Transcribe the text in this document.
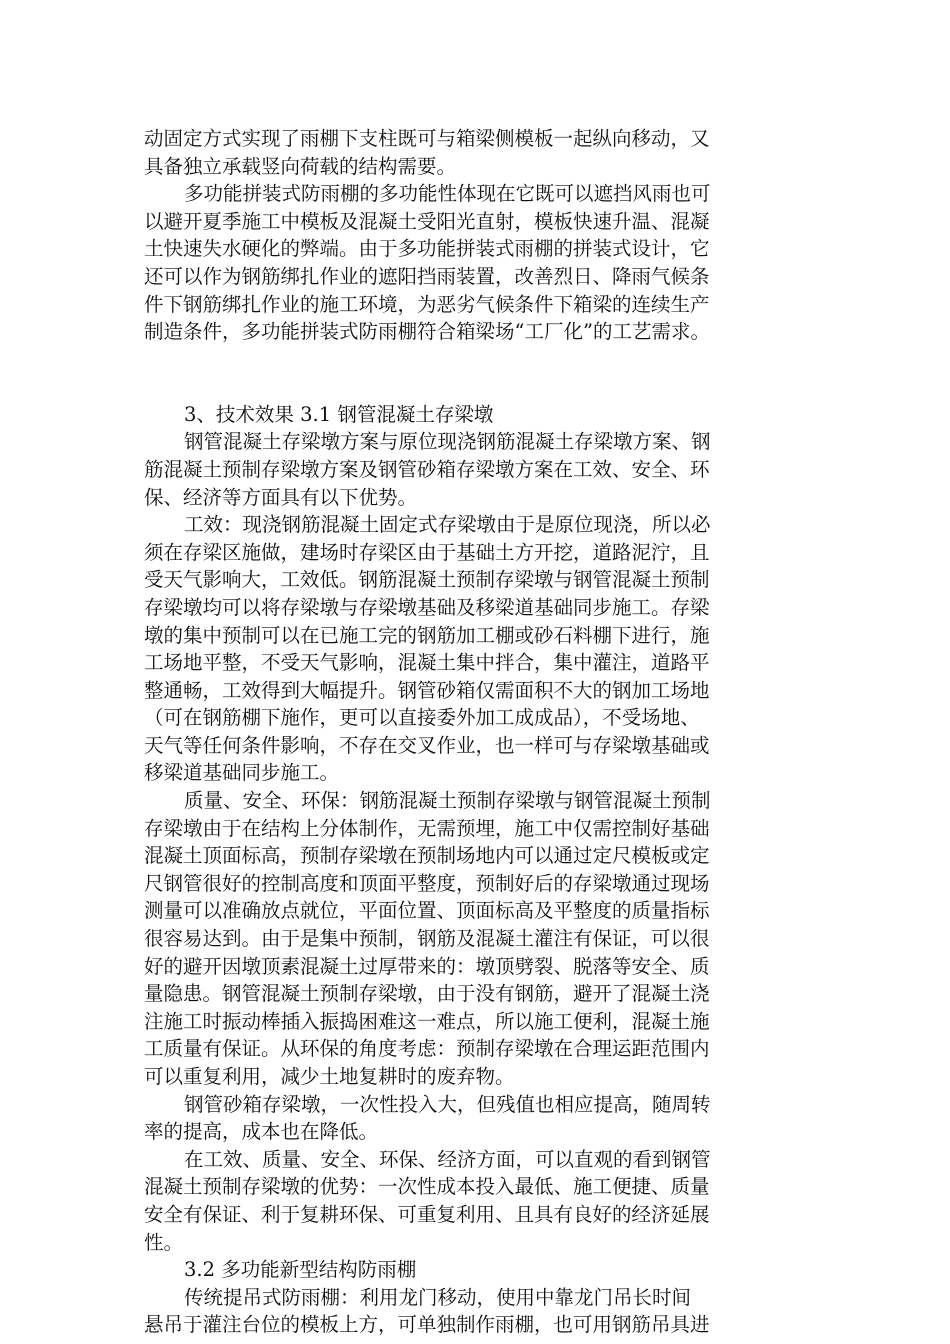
动固定方式实现了雨棚下支柱既可与箱梁侧模板一起纵向移动，又
具备独立承载竖向荷载的结构需要。
多功能拼装式防雨棚的多功能性体现在它既可以遮挡风雨也可
以避开夏季施工中模板及混凝土受阳光直射，模板快速升温、混凝
土快速失水硬化的弊端。由于多功能拼装式雨棚的拼装式设计，它
还可以作为钢筋绑扎作业的遮阳挡雨装置，改善烈日、降雨气候条
件下钢筋绑扎作业的施工环境，为恶劣气候条件下箱梁的连续生产
制造条件，多功能拼装式防雨棚符合箱梁场“工厂化”的工艺需求。
3、技术效果 3.1 钢管混凝土存梁墩
钢管混凝土存梁墩方案与原位现浇钢筋混凝土存梁墩方案、钢
筋混凝土预制存梁墩方案及钢管砂箱存梁墩方案在工效、安全、环
保、经济等方面具有以下优势。
工效：现浇钢筋混凝土固定式存梁墩由于是原位现浇，所以必
须在存梁区施做，建场时存梁区由于基础土方开挖，道路泥泞，且
受天气影响大，工效低。钢筋混凝土预制存梁墩与钢管混凝土预制
存梁墩均可以将存梁墩与存梁墩基础及移梁道基础同步施工。存梁
墩的集中预制可以在已施工完的钢筋加工棚或砂石料棚下进行，施
工场地平整，不受天气影响，混凝土集中拌合，集中灌注，道路平
整通畅，工效得到大幅提升。钢管砂箱仅需面积不大的钢加工场地
（可在钢筋棚下施作，更可以直接委外加工成成品），不受场地、
天气等任何条件影响，不存在交叉作业，也一样可与存梁墩基础或
移梁道基础同步施工。
质量、安全、环保：钢筋混凝土预制存梁墩与钢管混凝土预制
存梁墩由于在结构上分体制作，无需预埋，施工中仅需控制好基础
混凝土顶面标高，预制存梁墩在预制场地内可以通过定尺模板或定
尺钢管很好的控制高度和顶面平整度，预制好后的存梁墩通过现场
测量可以准确放点就位，平面位置、顶面标高及平整度的质量指标
很容易达到。由于是集中预制，钢筋及混凝土灌注有保证，可以很
好的避开因墩顶素混凝土过厚带来的：墩顶劈裂、脱落等安全、质
量隐患。钢管混凝土预制存梁墩，由于没有钢筋，避开了混凝土浇
注施工时振动棒插入振捣困难这一难点，所以施工便利，混凝土施
工质量有保证。从环保的角度考虑：预制存梁墩在合理运距范围内
可以重复利用，减少土地复耕时的废弃物。
钢管砂箱存梁墩，一次性投入大，但残值也相应提高，随周转
率的提高，成本也在降低。
在工效、质量、安全、环保、经济方面，可以直观的看到钢管
混凝土预制存梁墩的优势：一次性成本投入最低、施工便捷、质量
安全有保证、利于复耕环保、可重复利用、且具有良好的经济延展
性。
3.2 多功能新型结构防雨棚
传统提吊式防雨棚：利用龙门移动，使用中靠龙门吊长时间
悬吊于灌注台位的模板上方，可单独制作雨棚，也可用钢筋吊具进
